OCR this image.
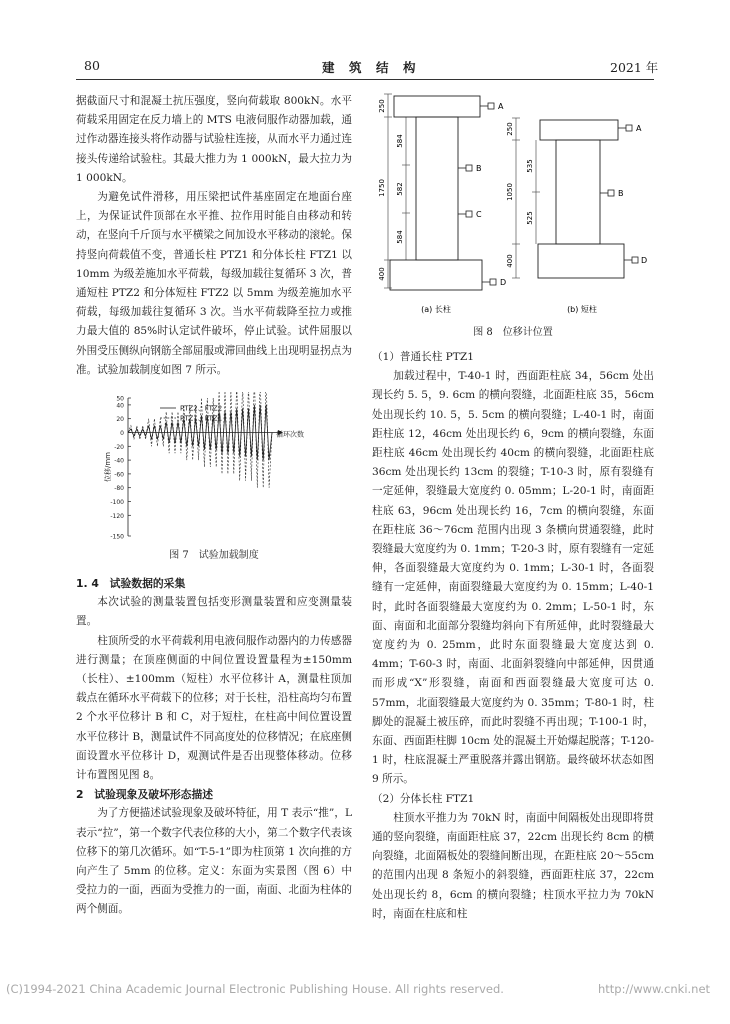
80	建　筑　结　构	2021 年

据截面尺寸和混凝土抗压强度，竖向荷载取 800kN。水平荷载采用固定在反力墙上的 MTS 电液伺服作动器加载，通过作动器连接头将作动器与试验柱连接，从而水平力通过连接头传递给试验柱。其最大推力为 1 000kN，最大拉力为 1 000kN。

为避免试件滑移，用压梁把试件基座固定在地面台座上，为保证试件顶部在水平推、拉作用时能自由移动和转动，在竖向千斤顶与水平横梁之间加设水平移动的滚轮。保持竖向荷载值不变，普通长柱 PTZ1 和分体长柱 FTZ1 以 10mm 为级差施加水平荷载，每级加载往复循环 3 次，普通短柱 PTZ2 和分体短柱 FTZ2 以 5mm 为级差施加水平荷载，每级加载往复循环 3 次。当水平荷载降至拉力或推力最大值的 85%时认定试件破坏，停止试验。试件屈服以外围受压侧纵向钢筋全部屈服或滞回曲线上出现明显拐点为准。试验加载制度如图 7 所示。

-150
-120
-100
-80
-60
-40
-20
0
20
40
50
位移/mm
循环次数
PTZ2、FTZ2
PTZ1、FTZ1
图 7　试验加载制度

1. 4　试验数据的采集

本次试验的测量装置包括变形测量装置和应变测量装置。

柱顶所受的水平荷载利用电液伺服作动器内的力传感器进行测量；在顶座侧面的中间位置设置量程为±150mm（长柱）、±100mm（短柱）水平位移计 A，测量柱顶加载点在循环水平荷载下的位移；对于长柱，沿柱高均匀布置 2 个水平位移计 B 和 C，对于短柱，在柱高中间位置设置水平位移计 B，测量试件不同高度处的位移情况；在底座侧面设置水平位移计 D，观测试件是否出现整体移动。位移计布置图见图 8。

2　试验现象及破坏形态描述

为了方便描述试验现象及破坏特征，用 T 表示“推”，L 表示“拉”，第一个数字代表位移的大小，第二个数字代表该位移下的第几次循环。如“T-5-1”即为柱顶第 1 次向推的方向产生了 5mm 的位移。定义：东面为实景图（图 6）中受拉力的一面，西面为受推力的一面，南面、北面为柱体的两个侧面。

250
584
1750 582
584
400
A
B
C
D
250
535
1050
525
400
A
B
D
(a) 长柱	(b) 短柱
图 8　位移计位置

（1）普通长柱 PTZ1

加载过程中，T-40-1 时，西面距柱底 34，56cm 处出现长约 5. 5，9. 6cm 的横向裂缝，北面距柱底 35，56cm 处出现长约 10. 5，5. 5cm 的横向裂缝；L-40-1 时，南面距柱底 12，46cm 处出现长约 6，9cm 的横向裂缝，东面距柱底 46cm 处出现长约 40cm 的横向裂缝，北面距柱底 36cm 处出现长约 13cm 的裂缝；T-10-3 时，原有裂缝有一定延伸，裂缝最大宽度约 0. 05mm；L-20-1 时，南面距柱底 63，96cm 处出现长约 16，7cm 的横向裂缝，东面在距柱底 36～76cm 范围内出现 3 条横向贯通裂缝，此时裂缝最大宽度约为 0. 1mm；T-20-3 时，原有裂缝有一定延伸，各面裂缝最大宽度约为 0. 1mm；L-30-1 时，各面裂缝有一定延伸，南面裂缝最大宽度约为 0. 15mm；L-40-1 时，此时各面裂缝最大宽度约为 0. 2mm；L-50-1 时，东面、南面和北面部分裂缝均斜向下有所延伸，此时裂缝最大宽度约为 0. 25mm，此时东面裂缝最大宽度达到 0. 4mm；T-60-3 时，南面、北面斜裂缝向中部延伸，因贯通而形成“X”形裂缝，南面和西面裂缝最大宽度可达 0. 57mm，北面裂缝最大宽度约为 0. 35mm；T-80-1 时，柱脚处的混凝土被压碎，而此时裂缝不再出现；T-100-1 时，东面、西面距柱脚 10cm 处的混凝土开始爆起脱落；T-120-1 时，柱底混凝土严重脱落并露出钢筋。最终破坏状态如图 9 所示。

（2）分体长柱 FTZ1

柱顶水平推力为 70kN 时，南面中间隔板处出现即将贯通的竖向裂缝，南面距柱底 37，22cm 出现长约 8cm 的横向裂缝，北面隔板处的裂缝间断出现，在距柱底 20～55cm 的范围内出现 8 条短小的斜裂缝，西面距柱底 37，22cm 处出现长约 8，6cm 的横向裂缝；柱顶水平拉力为 70kN 时，南面在柱底和柱

(C)1994-2021 China Academic Journal Electronic Publishing House. All rights reserved.	http://www.cnki.net
